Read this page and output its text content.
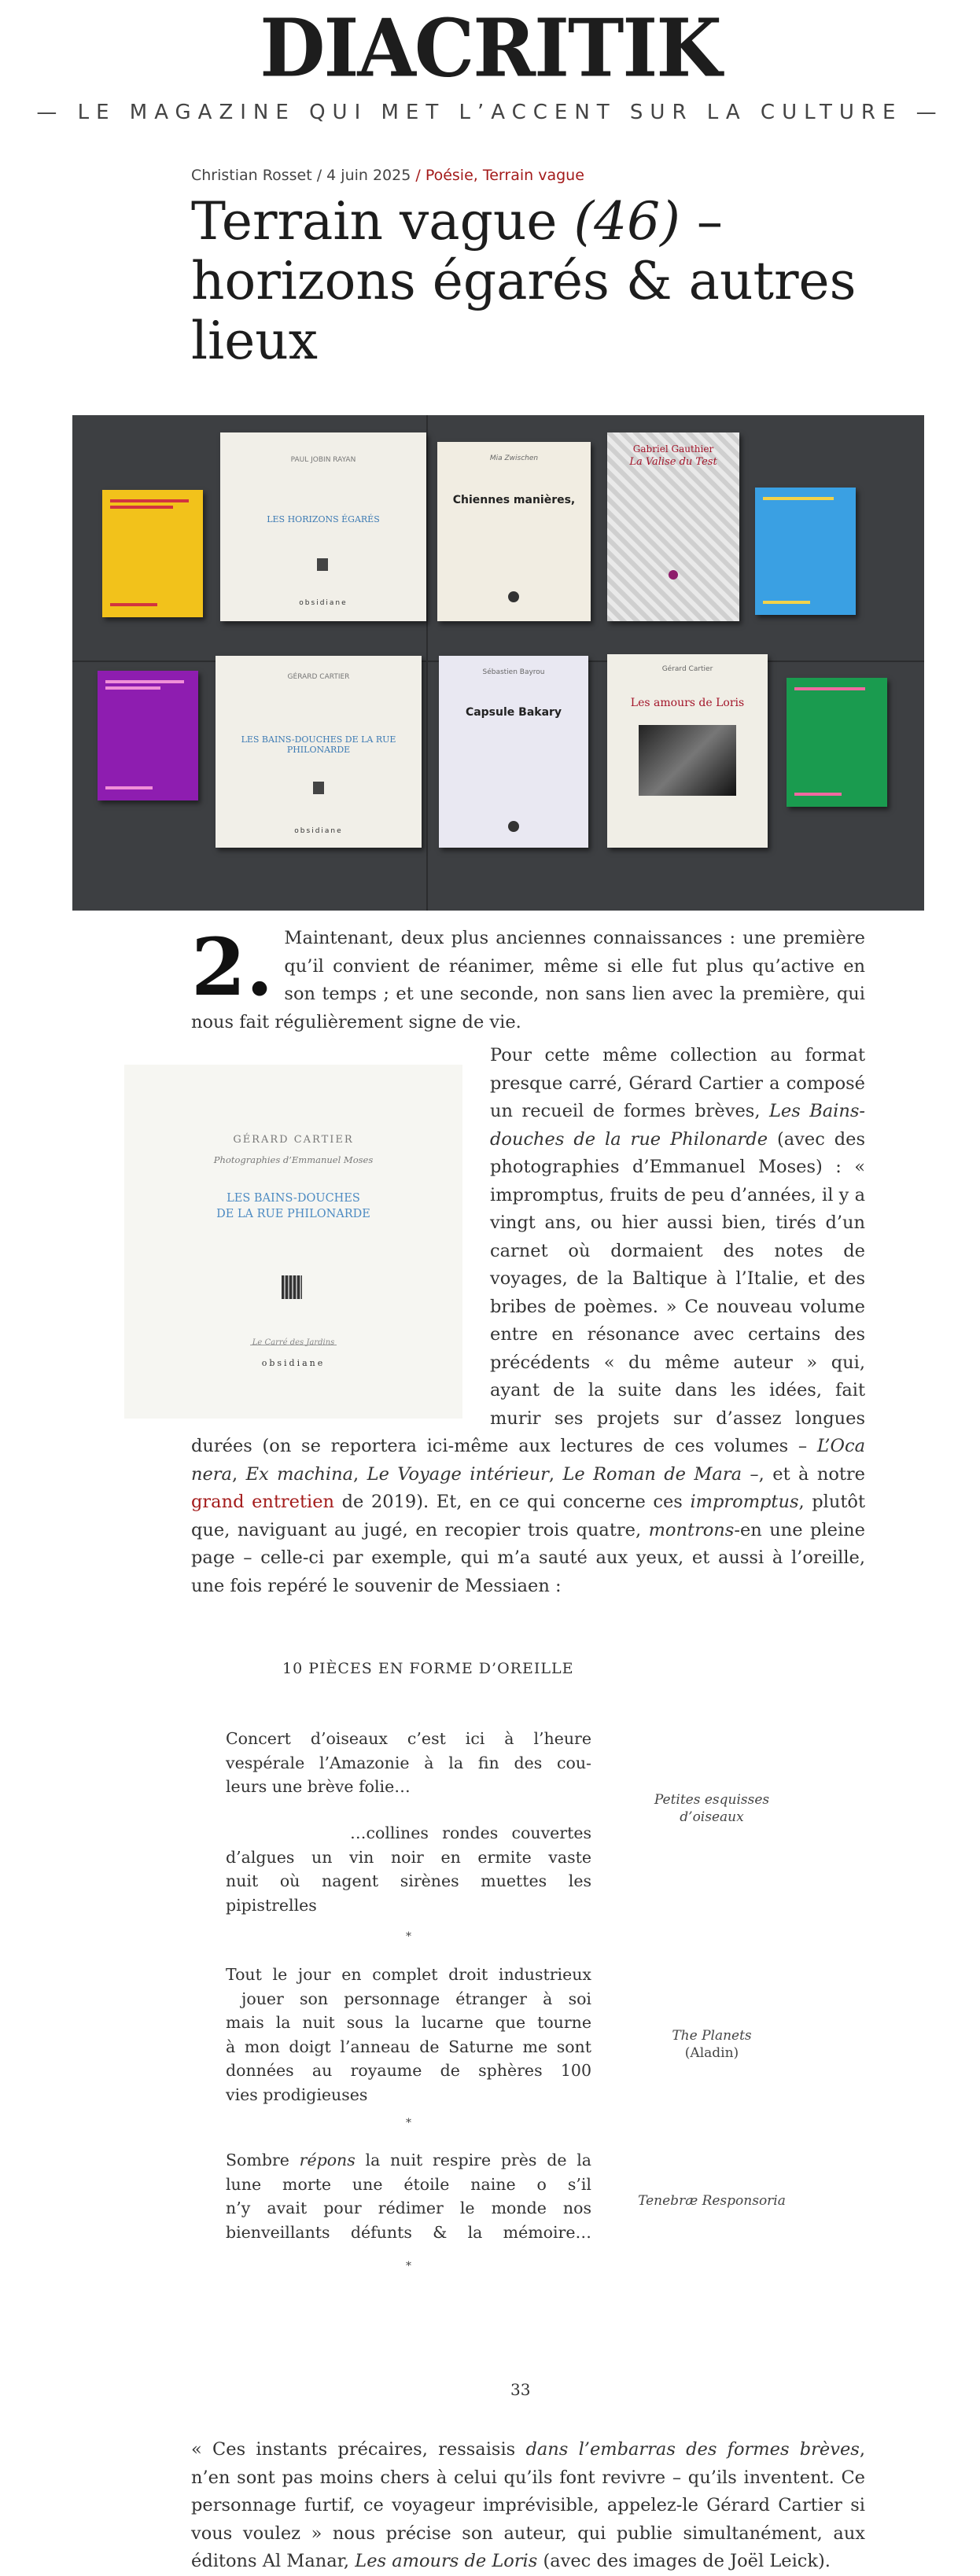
DIACRITIK
— LE MAGAZINE QUI MET L’ACCENT SUR LA CULTURE —
Christian Rosset / 4 juin 2025 / Poésie, Terrain vague
Terrain vague (46) – horizons égarés & autres lieux
PAUL JOBIN RAYAN
LES HORIZONS ÉGARÉS
obsidiane
Mia Zwischen
Chiennes manières,
Gabriel Gauthier
La Valise du Test
GÉRARD CARTIER
LES BAINS-DOUCHES DE LA RUE PHILONARDE
obsidiane
Sébastien Bayrou
Capsule Bakary
Gérard Cartier
Les amours de Loris
2. Maintenant, deux plus anciennes connaissances : une première qu’il convient de réanimer, même si elle fut plus qu’active en son temps ; et une seconde, non sans lien avec la première, qui nous fait régulièrement signe de vie.
GÉRARD CARTIER
Photographies d’Emmanuel Moses
LES BAINS-DOUCHES
DE LA RUE PHILONARDE
Le Carré des Jardins
obsidiane
Pour cette même collection au format presque carré, Gérard Cartier a composé un recueil de formes brèves, Les Bains-douches de la rue Philonarde (avec des photographies d’Emmanuel Moses) : « impromptus, fruits de peu d’années, il y a vingt ans, ou hier aussi bien, tirés d’un carnet où dormaient des notes de voyages, de la Baltique à l’Italie, et des bribes de poèmes. » Ce nouveau volume entre en résonance avec certains des précédents « du même auteur » qui, ayant de la suite dans les idées, fait murir ses projets sur d’assez longues durées (on se reportera ici-même aux lectures de ces volumes – L’Oca nera, Ex machina, Le Voyage intérieur, Le Roman de Mara –, et à notre grand entretien de 2019). Et, en ce qui concerne ces impromptus, plutôt que, naviguant au jugé, en recopier trois quatre, montrons-en une pleine page – celle-ci par exemple, qui m’a sauté aux yeux, et aussi à l’oreille, une fois repéré le souvenir de Messiaen :
10 PIÈCES EN FORME D’OREILLE
Concert d’oiseaux c’est ici à l’heure
vespérale l’Amazonie à la fin des cou-
leurs une brève folie…
…collines rondes couvertes
d’algues un vin noir en ermite vaste
nuit où nagent sirènes muettes les
pipistrelles
*
Tout le jour en complet droit industrieux
jouer son personnage étranger à soi
mais la nuit sous la lucarne que tourne
à mon doigt l’anneau de Saturne me sont
données au royaume de sphères 100
vies prodigieuses
*
Sombre répons la nuit respire près de la
lune morte une étoile naine o s’il
n’y avait pour rédimer le monde nos
bienveillants défunts & la mémoire…
*
Petites esquisses
d’oiseaux
The Planets
(Aladin)
Tenebræ Responsoria
33
« Ces instants précaires, ressaisis dans l’embarras des formes brèves, n’en sont pas moins chers à celui qu’ils font revivre – qu’ils inventent. Ce personnage furtif, ce voyageur imprévisible, appelez-le Gérard Cartier si vous voulez » nous précise son auteur, qui publie simultanément, aux éditons Al Manar, Les amours de Loris (avec des images de Joël Leick).
